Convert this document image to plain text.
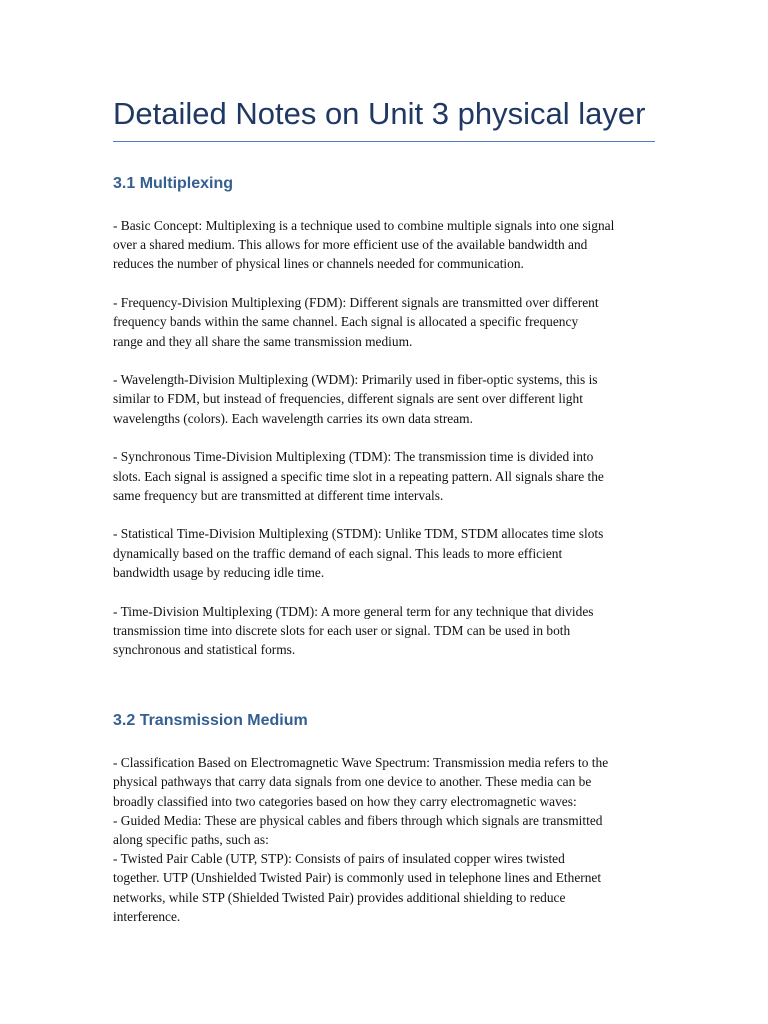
Detailed Notes on Unit 3 physical layer
3.1 Multiplexing

- Basic Concept: Multiplexing is a technique used to combine multiple signals into one signal
over a shared medium. This allows for more efficient use of the available bandwidth and
reduces the number of physical lines or channels needed for communication.

- Frequency-Division Multiplexing (FDM): Different signals are transmitted over different
frequency bands within the same channel. Each signal is allocated a specific frequency
range and they all share the same transmission medium.

- Wavelength-Division Multiplexing (WDM): Primarily used in fiber-optic systems, this is
similar to FDM, but instead of frequencies, different signals are sent over different light
wavelengths (colors). Each wavelength carries its own data stream.

- Synchronous Time-Division Multiplexing (TDM): The transmission time is divided into
slots. Each signal is assigned a specific time slot in a repeating pattern. All signals share the
same frequency but are transmitted at different time intervals.

- Statistical Time-Division Multiplexing (STDM): Unlike TDM, STDM allocates time slots
dynamically based on the traffic demand of each signal. This leads to more efficient
bandwidth usage by reducing idle time.

- Time-Division Multiplexing (TDM): A more general term for any technique that divides
transmission time into discrete slots for each user or signal. TDM can be used in both
synchronous and statistical forms.

3.2 Transmission Medium

- Classification Based on Electromagnetic Wave Spectrum: Transmission media refers to the
physical pathways that carry data signals from one device to another. These media can be
broadly classified into two categories based on how they carry electromagnetic waves:
- Guided Media: These are physical cables and fibers through which signals are transmitted
along specific paths, such as:
- Twisted Pair Cable (UTP, STP): Consists of pairs of insulated copper wires twisted
together. UTP (Unshielded Twisted Pair) is commonly used in telephone lines and Ethernet
networks, while STP (Shielded Twisted Pair) provides additional shielding to reduce
interference.
